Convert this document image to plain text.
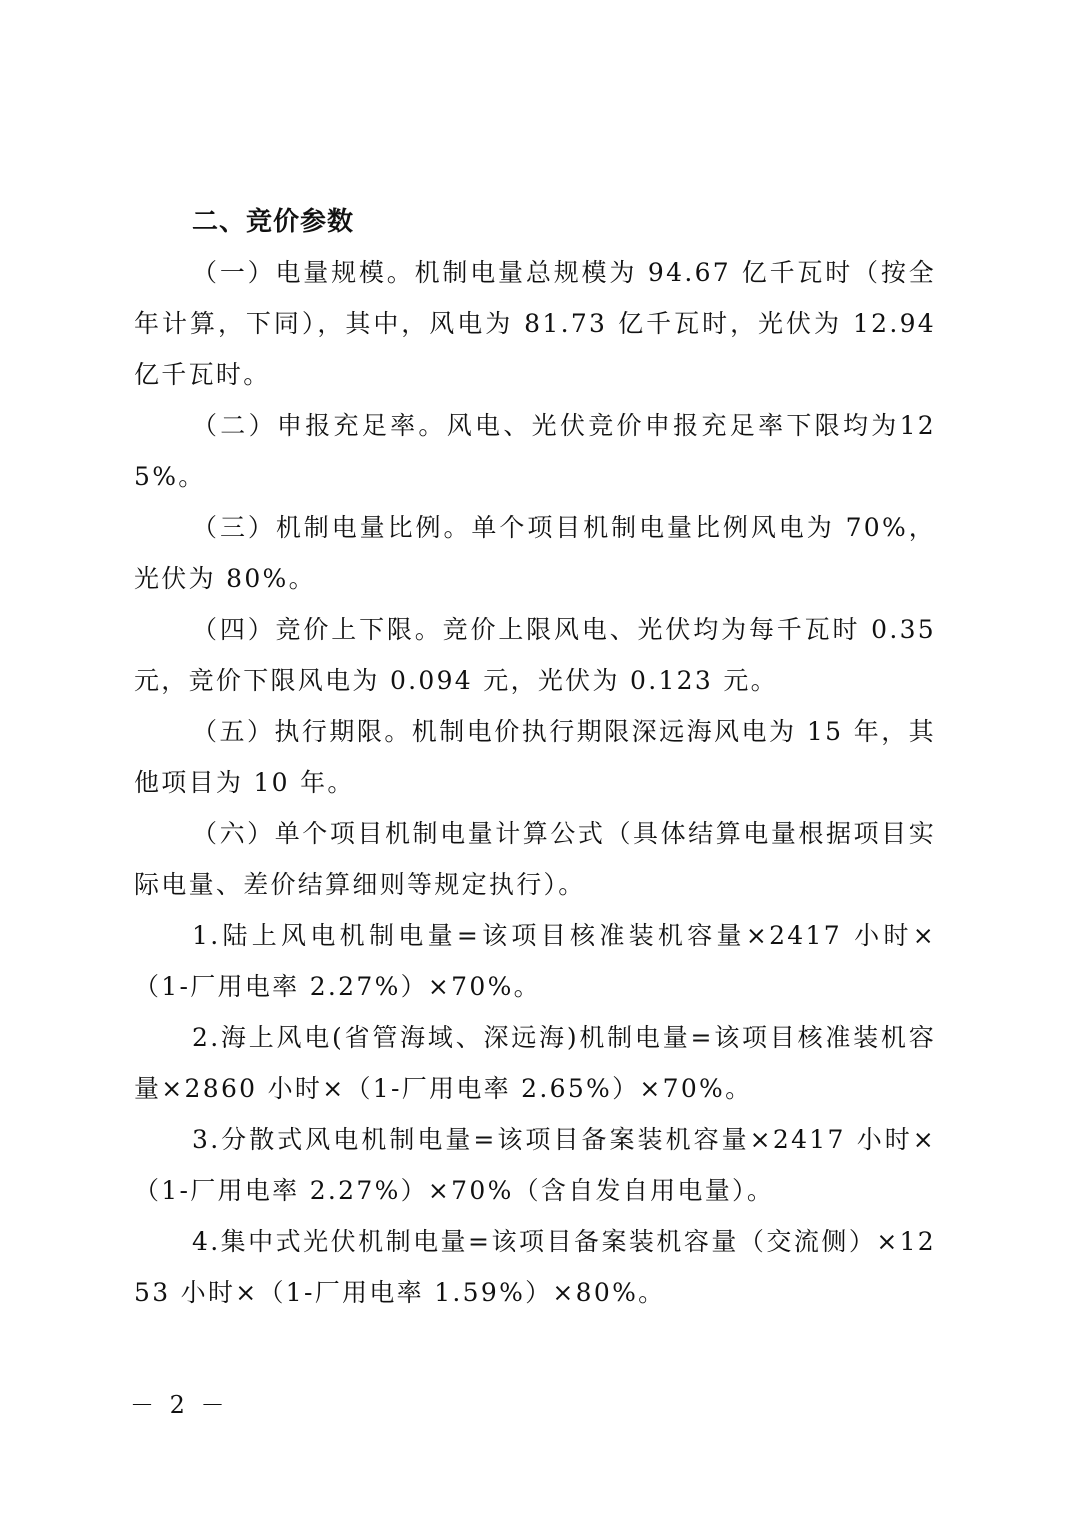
二、竞价参数

（一）电量规模。机制电量总规模为 94.67 亿千瓦时（按全年计算，下同），其中，风电为 81.73 亿千瓦时，光伏为 12.94 亿千瓦时。

（二）申报充足率。风电、光伏竞价申报充足率下限均为125%。

（三）机制电量比例。单个项目机制电量比例风电为 70%，光伏为 80%。

（四）竞价上下限。竞价上限风电、光伏均为每千瓦时 0.35元，竞价下限风电为 0.094 元，光伏为 0.123 元。

（五）执行期限。机制电价执行期限深远海风电为 15 年，其他项目为 10 年。

（六）单个项目机制电量计算公式（具体结算电量根据项目实际电量、差价结算细则等规定执行）。

1.陆上风电机制电量=该项目核准装机容量×2417 小时×（1-厂用电率 2.27%）×70%。

2.海上风电(省管海域、深远海)机制电量=该项目核准装机容量×2860 小时×（1-厂用电率 2.65%）×70%。

3.分散式风电机制电量=该项目备案装机容量×2417 小时×（1-厂用电率 2.27%）×70%（含自发自用电量）。

4.集中式光伏机制电量=该项目备案装机容量（交流侧）×1253 小时×（1-厂用电率 1.59%）×80%。

－ 2 －
